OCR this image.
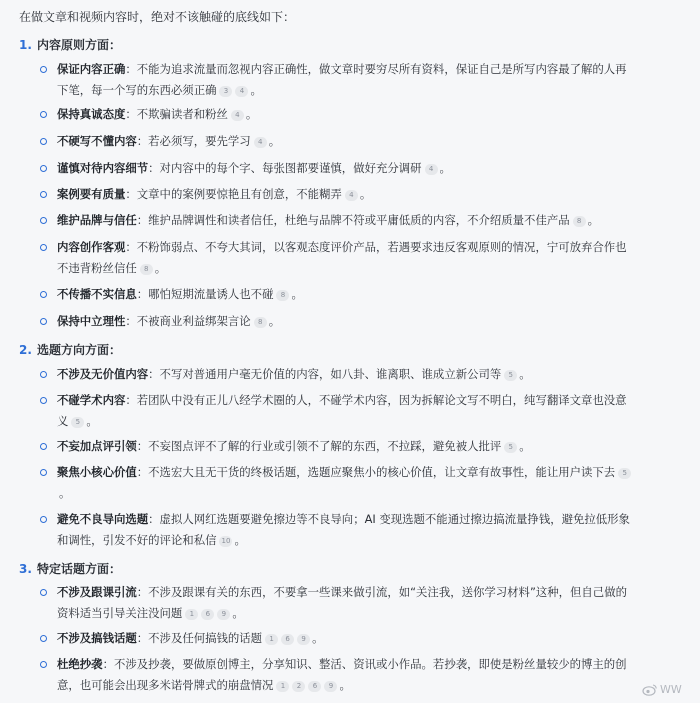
在做文章和视频内容时，绝对不该触碰的底线如下：
1. 内容原则方面：
保证内容正确：不能为追求流量而忽视内容正确性，做文章时要穷尽所有资料，保证自己是所写内容最了解的人再下笔，每一个写的东西必须正确 3 4 。
保持真诚态度：不欺骗读者和粉丝 4 。
不硬写不懂内容：若必须写，要先学习 4 。
谨慎对待内容细节：对内容中的每个字、每张图都要谨慎，做好充分调研 4 。
案例要有质量：文章中的案例要惊艳且有创意，不能糊弄 4 。
维护品牌与信任：维护品牌调性和读者信任，杜绝与品牌不符或平庸低质的内容，不介绍质量不佳产品 8 。
内容创作客观：不粉饰弱点、不夸大其词，以客观态度评价产品，若遇要求违反客观原则的情况，宁可放弃合作也不违背粉丝信任 8 。
不传播不实信息：哪怕短期流量诱人也不碰 8 。
保持中立理性：不被商业利益绑架言论 8 。
2. 选题方向方面：
不涉及无价值内容：不写对普通用户毫无价值的内容，如八卦、谁离职、谁成立新公司等 5 。
不碰学术内容：若团队中没有正儿八经学术圈的人，不碰学术内容，因为拆解论文写不明白，纯写翻译文章也没意义 5 。
不妄加点评引领：不妄图点评不了解的行业或引领不了解的东西，不拉踩，避免被人批评 5 。
聚焦小核心价值：不选宏大且无干货的终极话题，选题应聚焦小的核心价值，让文章有故事性，能让用户读下去 5。
避免不良导向选题：虚拟人网红选题要避免擦边等不良导向；AI 变现选题不能通过擦边搞流量挣钱，避免拉低形象和调性，引发不好的评论和私信 10 。
3. 特定话题方面：
不涉及跟课引流：不涉及跟课有关的东西，不要拿一些课来做引流，如“关注我，送你学习材料”这种，但自己做的资料适当引导关注没问题 1 6 9 。
不涉及搞钱话题：不涉及任何搞钱的话题 1 6 9 。
杜绝抄袭：不涉及抄袭，要做原创博主，分享知识、整活、资讯或小作品。若抄袭，即使是粉丝量较少的博主的创意，也可能会出现多米诺骨牌式的崩盘情况 1 2 6 9 。	WW
